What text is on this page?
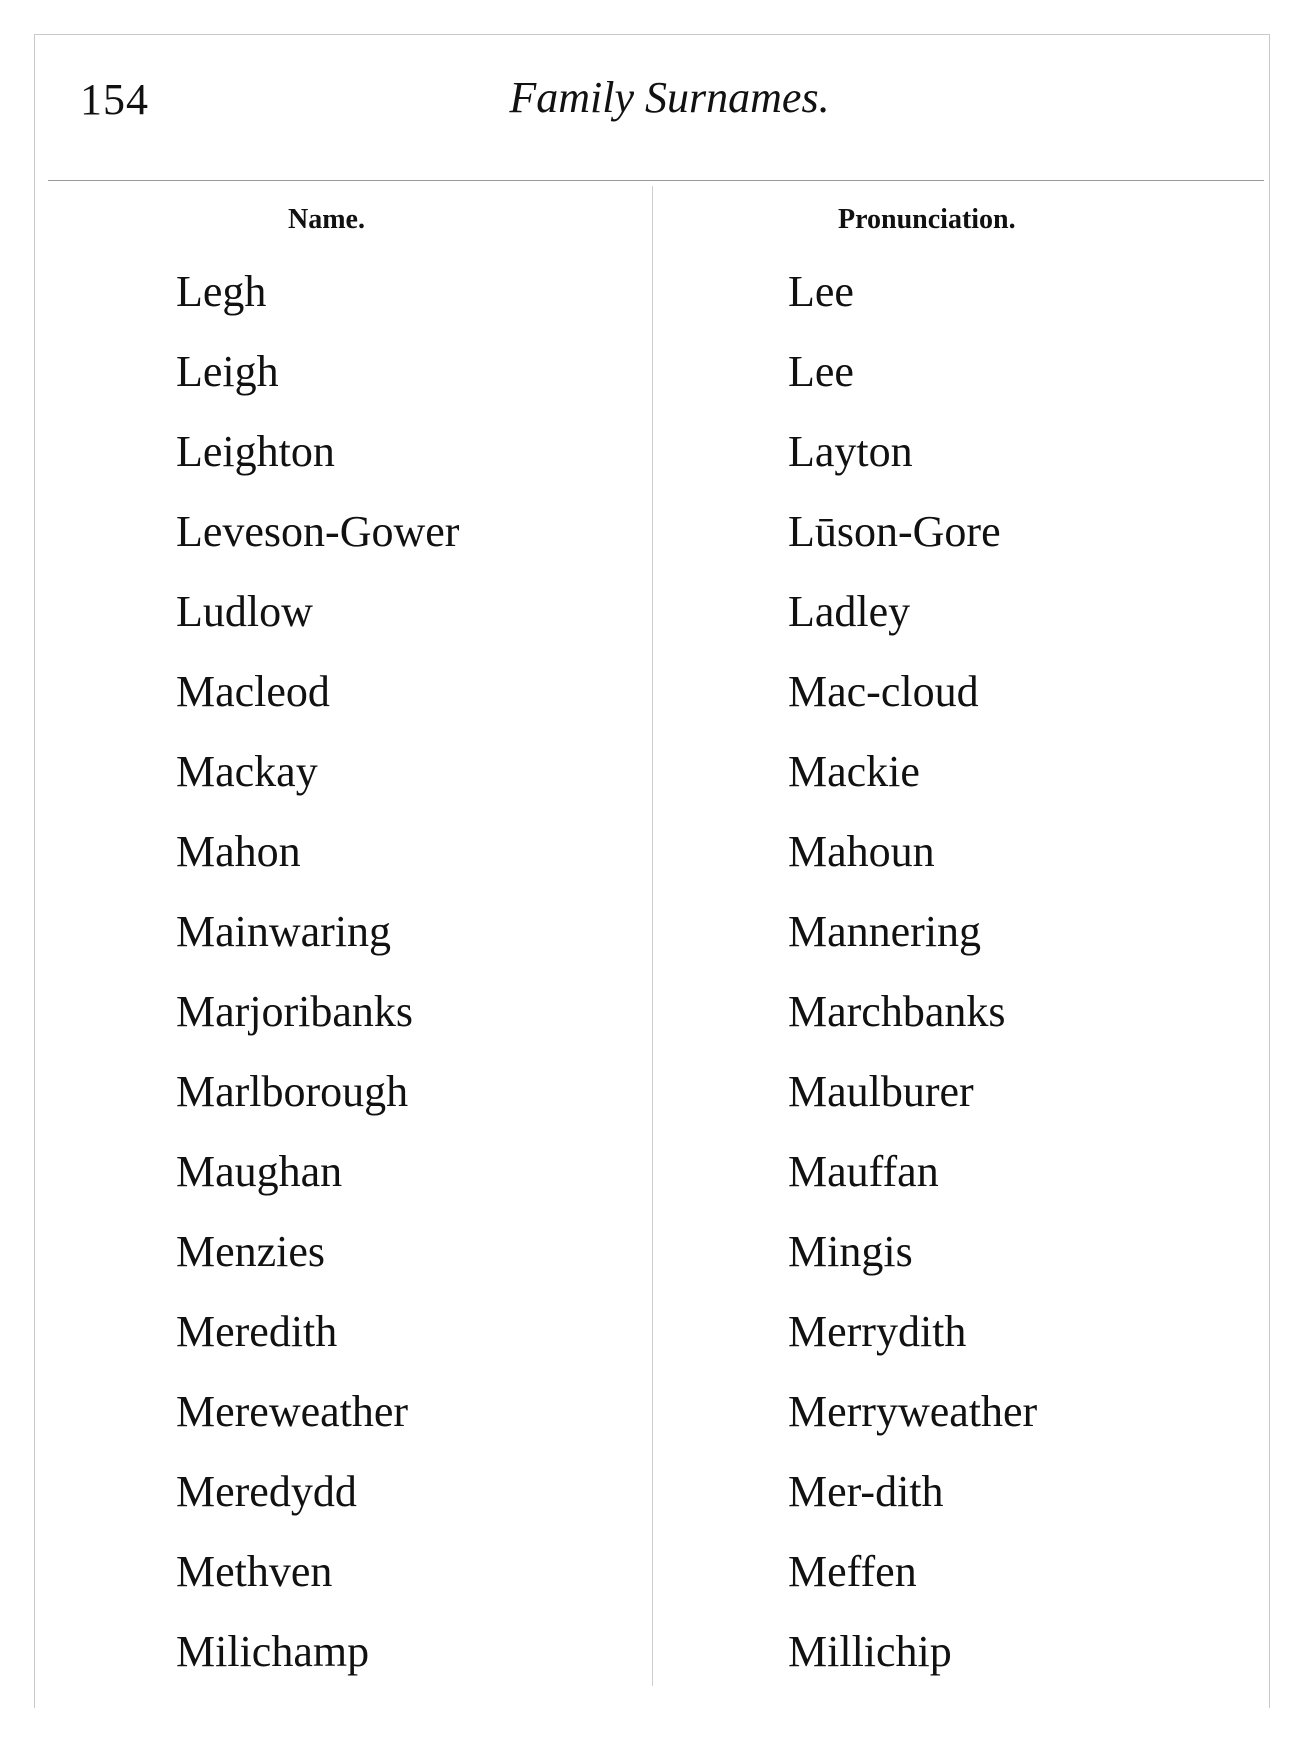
154	Family Surnames.
Name.	Pronunciation.
Legh	Lee
Leigh	Lee
Leighton	Layton
Leveson-Gower	Lūson-Gore
Ludlow	Ladley
Macleod	Mac-cloud
Mackay	Mackie
Mahon	Mahoun
Mainwaring	Mannering
Marjoribanks	Marchbanks
Marlborough	Maulburer
Maughan	Mauffan
Menzies	Mingis
Meredith	Merrydith
Mereweather	Merryweather
Meredydd	Mer-dith
Methven	Meffen
Milichamp	Millichip
